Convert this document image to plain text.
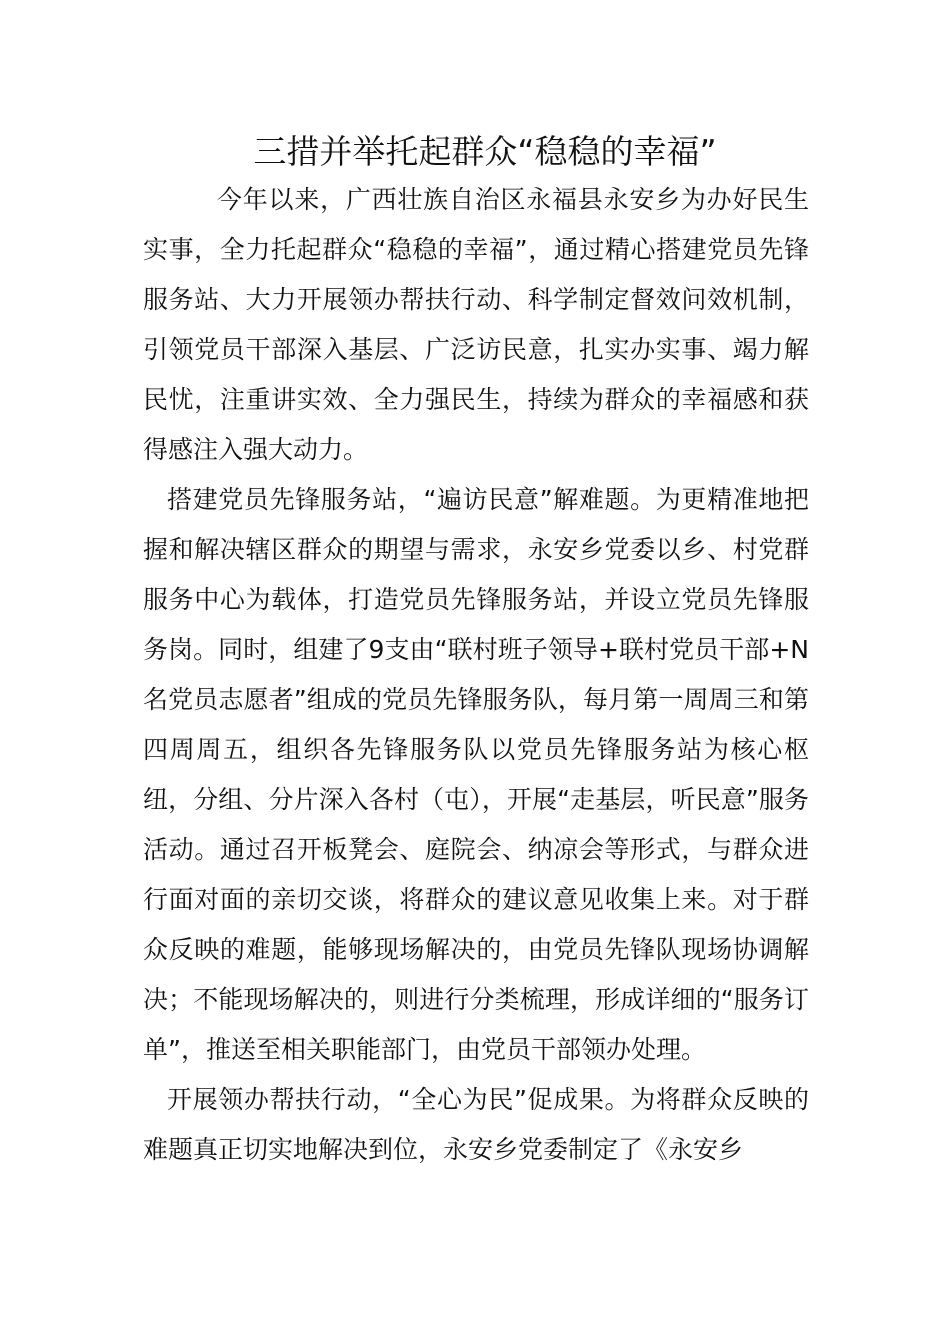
三措并举托起群众“稳稳的幸福”

今年以来，广西壮族自治区永福县永安乡为办好民生实事，全力托起群众“稳稳的幸福”，通过精心搭建党员先锋服务站、大力开展领办帮扶行动、科学制定督效问效机制，引领党员干部深入基层、广泛访民意，扎实办实事、竭力解民忧，注重讲实效、全力强民生，持续为群众的幸福感和获得感注入强大动力。

搭建党员先锋服务站，“遍访民意”解难题。为更精准地把握和解决辖区群众的期望与需求，永安乡党委以乡、村党群服务中心为载体，打造党员先锋服务站，并设立党员先锋服务岗。同时，组建了9支由“联村班子领导+联村党员干部+N名党员志愿者”组成的党员先锋服务队，每月第一周周三和第四周周五，组织各先锋服务队以党员先锋服务站为核心枢纽，分组、分片深入各村（屯），开展“走基层，听民意”服务活动。通过召开板凳会、庭院会、纳凉会等形式，与群众进行面对面的亲切交谈，将群众的建议意见收集上来。对于群众反映的难题，能够现场解决的，由党员先锋队现场协调解决；不能现场解决的，则进行分类梳理，形成详细的“服务订单”，推送至相关职能部门，由党员干部领办处理。

开展领办帮扶行动，“全心为民”促成果。为将群众反映的难题真正切实地解决到位，永安乡党委制定了《永安乡
